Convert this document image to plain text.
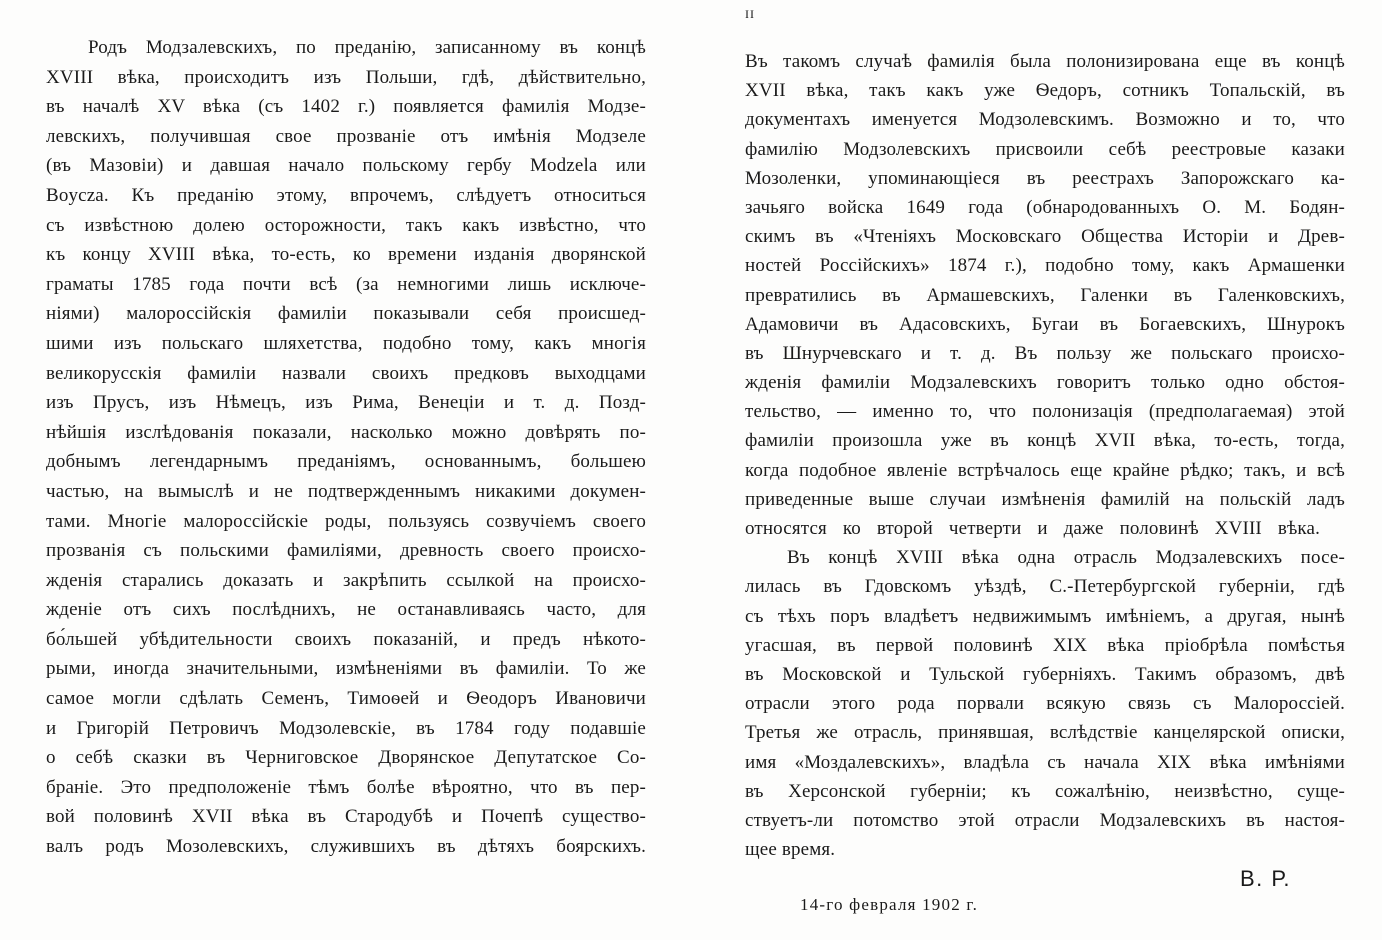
Родъ Модзалевскихъ, по преданію, записанному въ концѣ
XVIII вѣка, происходитъ изъ Польши, гдѣ, дѣйствительно,
въ началѣ XV вѣка (съ 1402 г.) появляется фамилія Модзе-
левскихъ, получившая свое прозваніе отъ имѣнія Модзеле
(въ Мазовіи) и давшая начало польскому гербу Modzela или
Boycza. Къ преданію этому, впрочемъ, слѣдуетъ относиться
съ извѣстною долею осторожности, такъ какъ извѣстно, что
къ концу XVIII вѣка, то-есть, ко времени изданія дворянской
граматы 1785 года почти всѣ (за немногими лишь исключе-
ніями) малороссійскія фамиліи показывали себя происшед-
шими изъ польскаго шляхетства, подобно тому, какъ многія
великорусскія фамиліи назвали своихъ предковъ выходцами
изъ Прусъ, изъ Нѣмецъ, изъ Рима, Венеціи и т. д. Позд-
нѣйшія изслѣдованія показали, насколько можно довѣрять по-
добнымъ легендарнымъ преданіямъ, основаннымъ, большею
частью, на вымыслѣ и не подтвержденнымъ никакими докумен-
тами. Многіе малороссійскіе роды, пользуясь созвучіемъ своего
прозванія съ польскими фамиліями, древность своего происхо-
жденія старались доказать и закрѣпить ссылкой на происхо-
жденіе отъ сихъ послѣднихъ, не останавливаясь часто, для
бо́льшей убѣдительности своихъ показаній, и предъ нѣкото-
рыми, иногда значительными, измѣненіями въ фамиліи. То же
самое могли сдѣлать Семенъ, Тимоѳей и Ѳеодоръ Ивановичи
и Григорій Петровичъ Модзолевскіе, въ 1784 году подавшіе
о себѣ сказки въ Черниговское Дворянское Депутатское Со-
браніе. Это предположеніе тѣмъ болѣе вѣроятно, что въ пер-
вой половинѣ XVII вѣка въ Стародубѣ и Почепѣ существо-
валъ родъ Мозолевскихъ, служившихъ въ дѣтяхъ боярскихъ.
II
Въ такомъ случаѣ фамилія была полонизирована еще въ концѣ
XVII вѣка, такъ какъ уже Ѳедоръ, сотникъ Топальскій, въ
документахъ именуется Модзолевскимъ. Возможно и то, что
фамилію Модзолевскихъ присвоили себѣ реестровые казаки
Мозоленки, упоминающіеся въ реестрахъ Запорожскаго ка-
зачьяго войска 1649 года (обнародованныхъ О. М. Бодян-
скимъ въ «Чтеніяхъ Московскаго Общества Исторіи и Древ-
ностей Россійскихъ» 1874 г.), подобно тому, какъ Армашенки
превратились въ Армашевскихъ, Галенки въ Галенковскихъ,
Адамовичи въ Адасовскихъ, Бугаи въ Богаевскихъ, Шнурокъ
въ Шнурчевскаго и т. д. Въ пользу же польскаго происхо-
жденія фамиліи Модзалевскихъ говоритъ только одно обстоя-
тельство, — именно то, что полонизація (предполагаемая) этой
фамиліи произошла уже въ концѣ XVII вѣка, то-есть, тогда,
когда подобное явленіе встрѣчалось еще крайне рѣдко; такъ, и всѣ
приведенные выше случаи измѣненія фамилій на польскій ладъ
относятся ко второй четверти и даже половинѣ XVIII вѣка.
Въ концѣ XVIII вѣка одна отрасль Модзалевскихъ посе-
лилась въ Гдовскомъ уѣздѣ, С.-Петербургской губерніи, гдѣ
съ тѣхъ поръ владѣетъ недвижимымъ имѣніемъ, а другая, нынѣ
угасшая, въ первой половинѣ XIX вѣка пріобрѣла помѣстья
въ Московской и Тульской губерніяхъ. Такимъ образомъ, двѣ
отрасли этого рода порвали всякую связь съ Малороссіей.
Третья же отрасль, принявшая, вслѣдствіе канцелярской описки,
имя «Моздалевскихъ», владѣла съ начала XIX вѣка имѣніями
въ Херсонской губерніи; къ сожалѣнію, неизвѣстно, суще-
ствуетъ-ли потомство этой отрасли Модзалевскихъ въ настоя-
щее время.
В. Р.
14-го февраля 1902 г.
